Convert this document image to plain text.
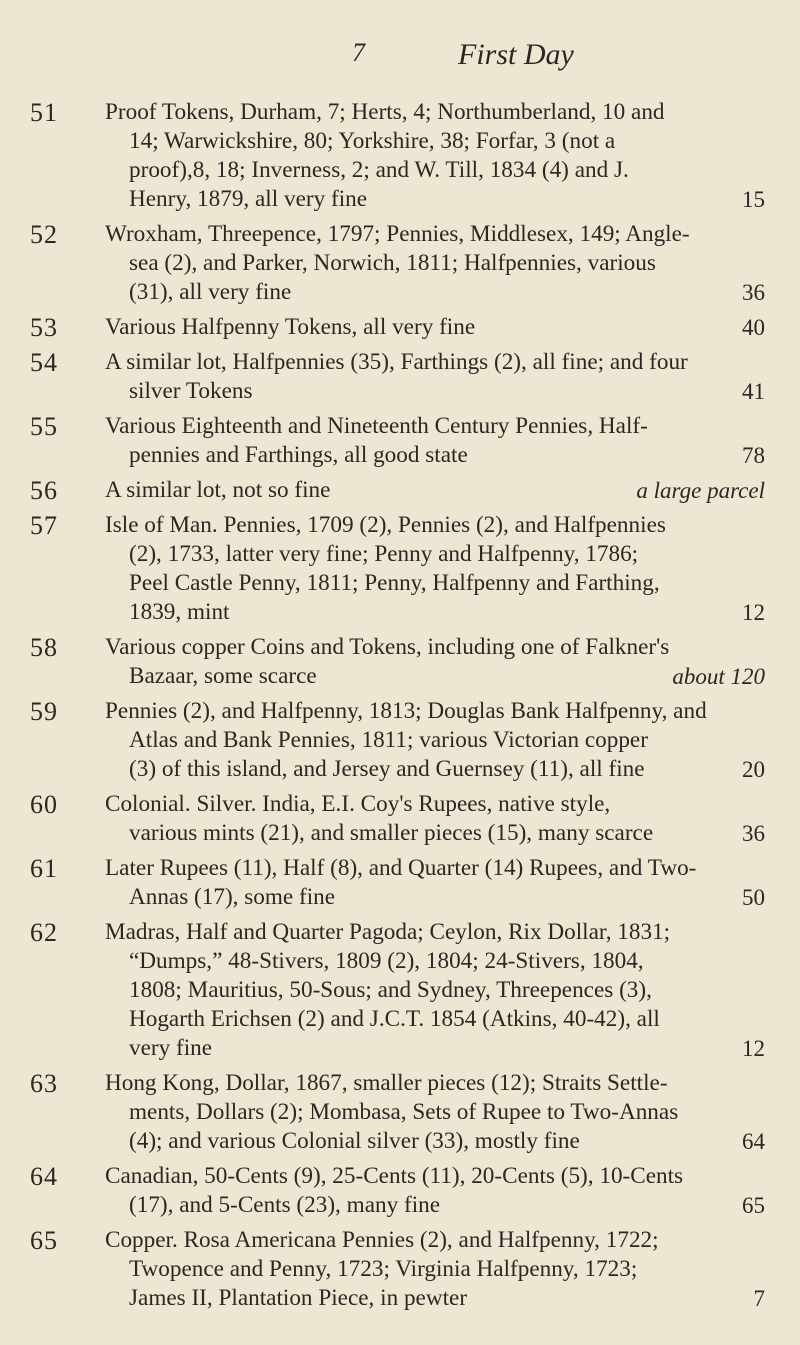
7	First Day
51 Proof Tokens, Durham, 7; Herts, 4; Northumberland, 10 and
14; Warwickshire, 80; Yorkshire, 38; Forfar, 3 (not a
proof),8, 18; Inverness, 2; and W. Till, 1834 (4) and J.
Henry, 1879, all very fine	15
52 Wroxham, Threepence, 1797; Pennies, Middlesex, 149; Angle-
sea (2), and Parker, Norwich, 1811; Halfpennies, various
(31), all very fine	36
53 Various Halfpenny Tokens, all very fine	40
54 A similar lot, Halfpennies (35), Farthings (2), all fine; and four
silver Tokens	41
55 Various Eighteenth and Nineteenth Century Pennies, Half-
pennies and Farthings, all good state	78
56 A similar lot, not so fine	a large parcel
57 Isle of Man. Pennies, 1709 (2), Pennies (2), and Halfpennies
(2), 1733, latter very fine; Penny and Halfpenny, 1786;
Peel Castle Penny, 1811; Penny, Halfpenny and Farthing,
1839, mint	12
58 Various copper Coins and Tokens, including one of Falkner's
Bazaar, some scarce	about 120
59 Pennies (2), and Halfpenny, 1813; Douglas Bank Halfpenny, and
Atlas and Bank Pennies, 1811; various Victorian copper
(3) of this island, and Jersey and Guernsey (11), all fine	20
60 Colonial. Silver. India, E.I. Coy's Rupees, native style,
various mints (21), and smaller pieces (15), many scarce	36
61 Later Rupees (11), Half (8), and Quarter (14) Rupees, and Two-
Annas (17), some fine	50
62 Madras, Half and Quarter Pagoda; Ceylon, Rix Dollar, 1831;
“Dumps,” 48-Stivers, 1809 (2), 1804; 24-Stivers, 1804,
1808; Mauritius, 50-Sous; and Sydney, Threepences (3),
Hogarth Erichsen (2) and J.C.T. 1854 (Atkins, 40-42), all
very fine	12
63 Hong Kong, Dollar, 1867, smaller pieces (12); Straits Settle-
ments, Dollars (2); Mombasa, Sets of Rupee to Two-Annas
(4); and various Colonial silver (33), mostly fine	64
64 Canadian, 50-Cents (9), 25-Cents (11), 20-Cents (5), 10-Cents
(17), and 5-Cents (23), many fine	65
65 Copper. Rosa Americana Pennies (2), and Halfpenny, 1722;
Twopence and Penny, 1723; Virginia Halfpenny, 1723;
James II, Plantation Piece, in pewter	7
